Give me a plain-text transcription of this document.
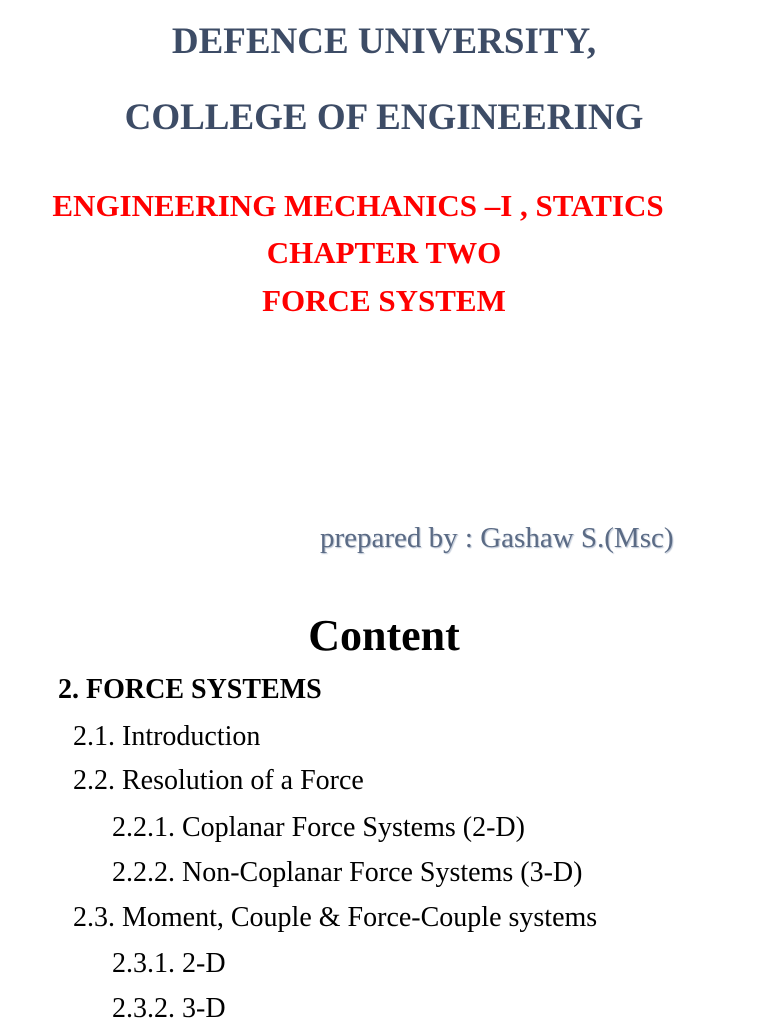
DEFENCE UNIVERSITY,
COLLEGE OF ENGINEERING
ENGINEERING MECHANICS –I , STATICS
CHAPTER TWO
FORCE SYSTEM
prepared by : Gashaw S.(Msc)
Content
2. FORCE SYSTEMS
2.1. Introduction
2.2. Resolution of a Force
2.2.1. Coplanar Force Systems (2-D)
2.2.2. Non-Coplanar Force Systems (3-D)
2.3. Moment, Couple & Force-Couple systems
2.3.1. 2-D
2.3.2. 3-D
